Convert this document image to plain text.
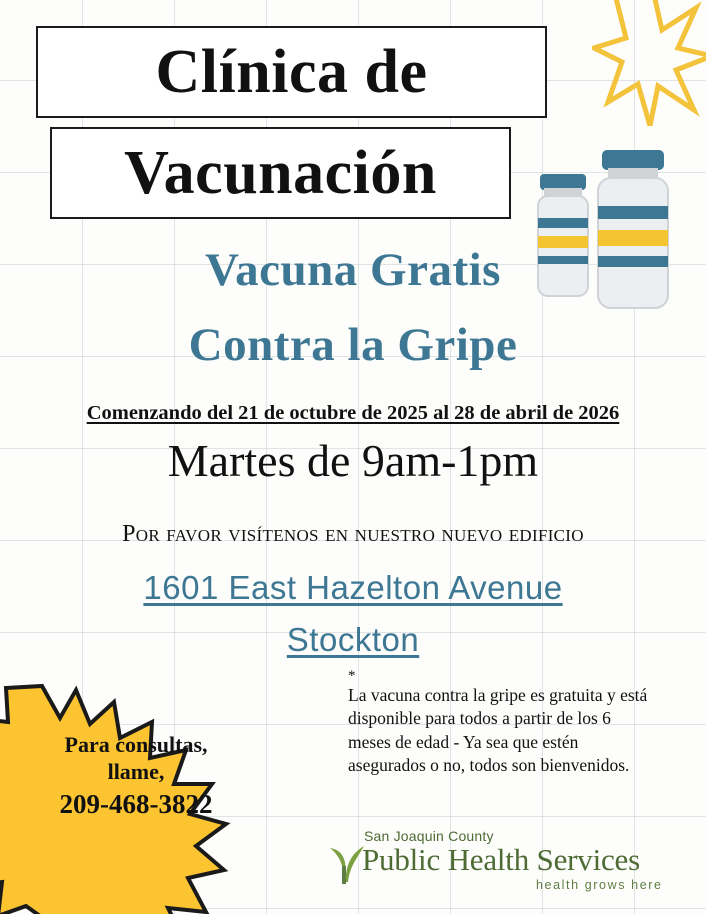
Clínica de
Vacunación
Vacuna Gratis
Contra la Gripe
Comenzando del 21 de octubre de 2025 al 28 de abril de 2026
Martes de 9am-1pm
Por favor visítenos en nuestro nuevo edificio
1601 East Hazelton Avenue
Stockton
*
La vacuna contra la gripe es gratuita y está disponible para todos a partir de los 6 meses de edad - Ya sea que estén asegurados o no, todos son bienvenidos.
Para consultas,
llame,
209-468-3822
San Joaquin County
Public Health Services
health grows here
